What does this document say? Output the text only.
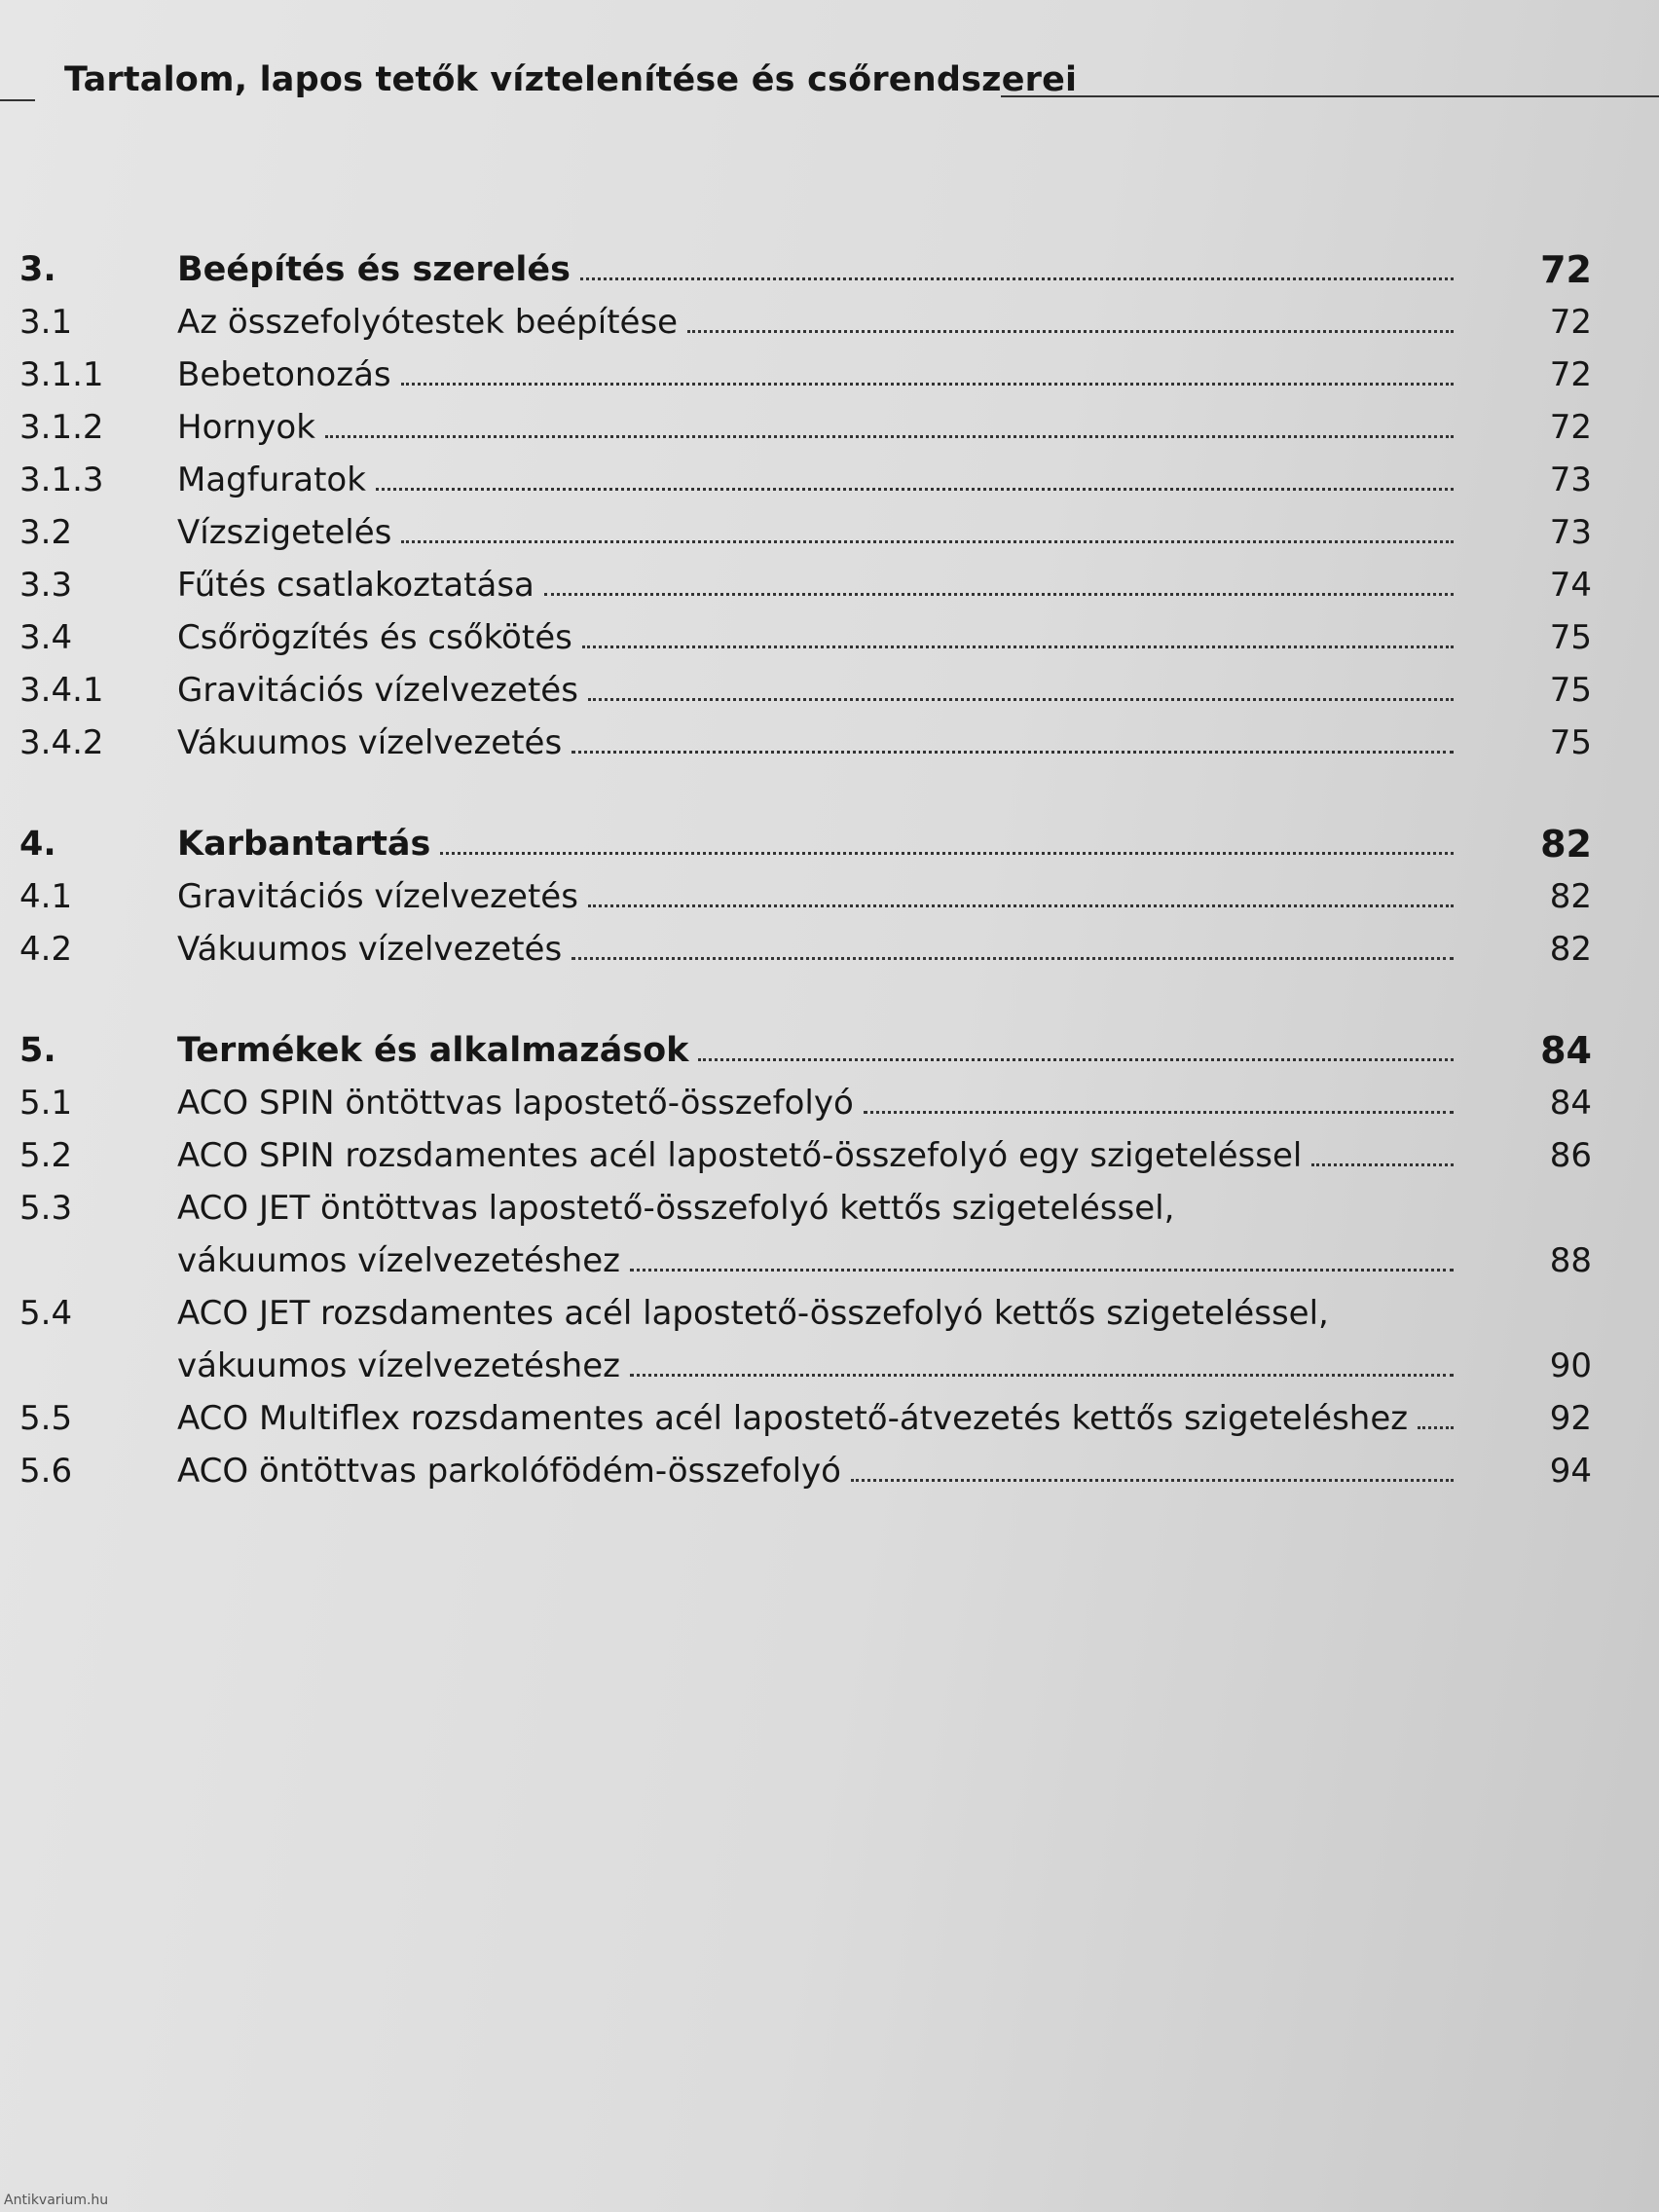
Tartalom, lapos tetők víztelenítése és csőrendszerei
3.	Beépítés és szerelés	72
3.1	Az összefolyótestek beépítése	72
3.1.1	Bebetonozás	72
3.1.2	Hornyok	72
3.1.3	Magfuratok	73
3.2	Vízszigetelés	73
3.3	Fűtés csatlakoztatása	74
3.4	Csőrögzítés és csőkötés	75
3.4.1	Gravitációs vízelvezetés	75
3.4.2	Vákuumos vízelvezetés	75
4.	Karbantartás	82
4.1	Gravitációs vízelvezetés	82
4.2	Vákuumos vízelvezetés	82
5.	Termékek és alkalmazások	84
5.1	ACO SPIN öntöttvas lapostető-összefolyó	84
5.2	ACO SPIN rozsdamentes acél lapostető-összefolyó egy szigeteléssel	86
5.3	ACO JET öntöttvas lapostető-összefolyó kettős szigeteléssel,
vákuumos vízelvezetéshez	88
5.4	ACO JET rozsdamentes acél lapostető-összefolyó kettős szigeteléssel,
vákuumos vízelvezetéshez	90
5.5	ACO Multiflex rozsdamentes acél lapostető-átvezetés kettős szigeteléshez	92
5.6	ACO öntöttvas parkolófödém-összefolyó	94
Antikvarium.hu
